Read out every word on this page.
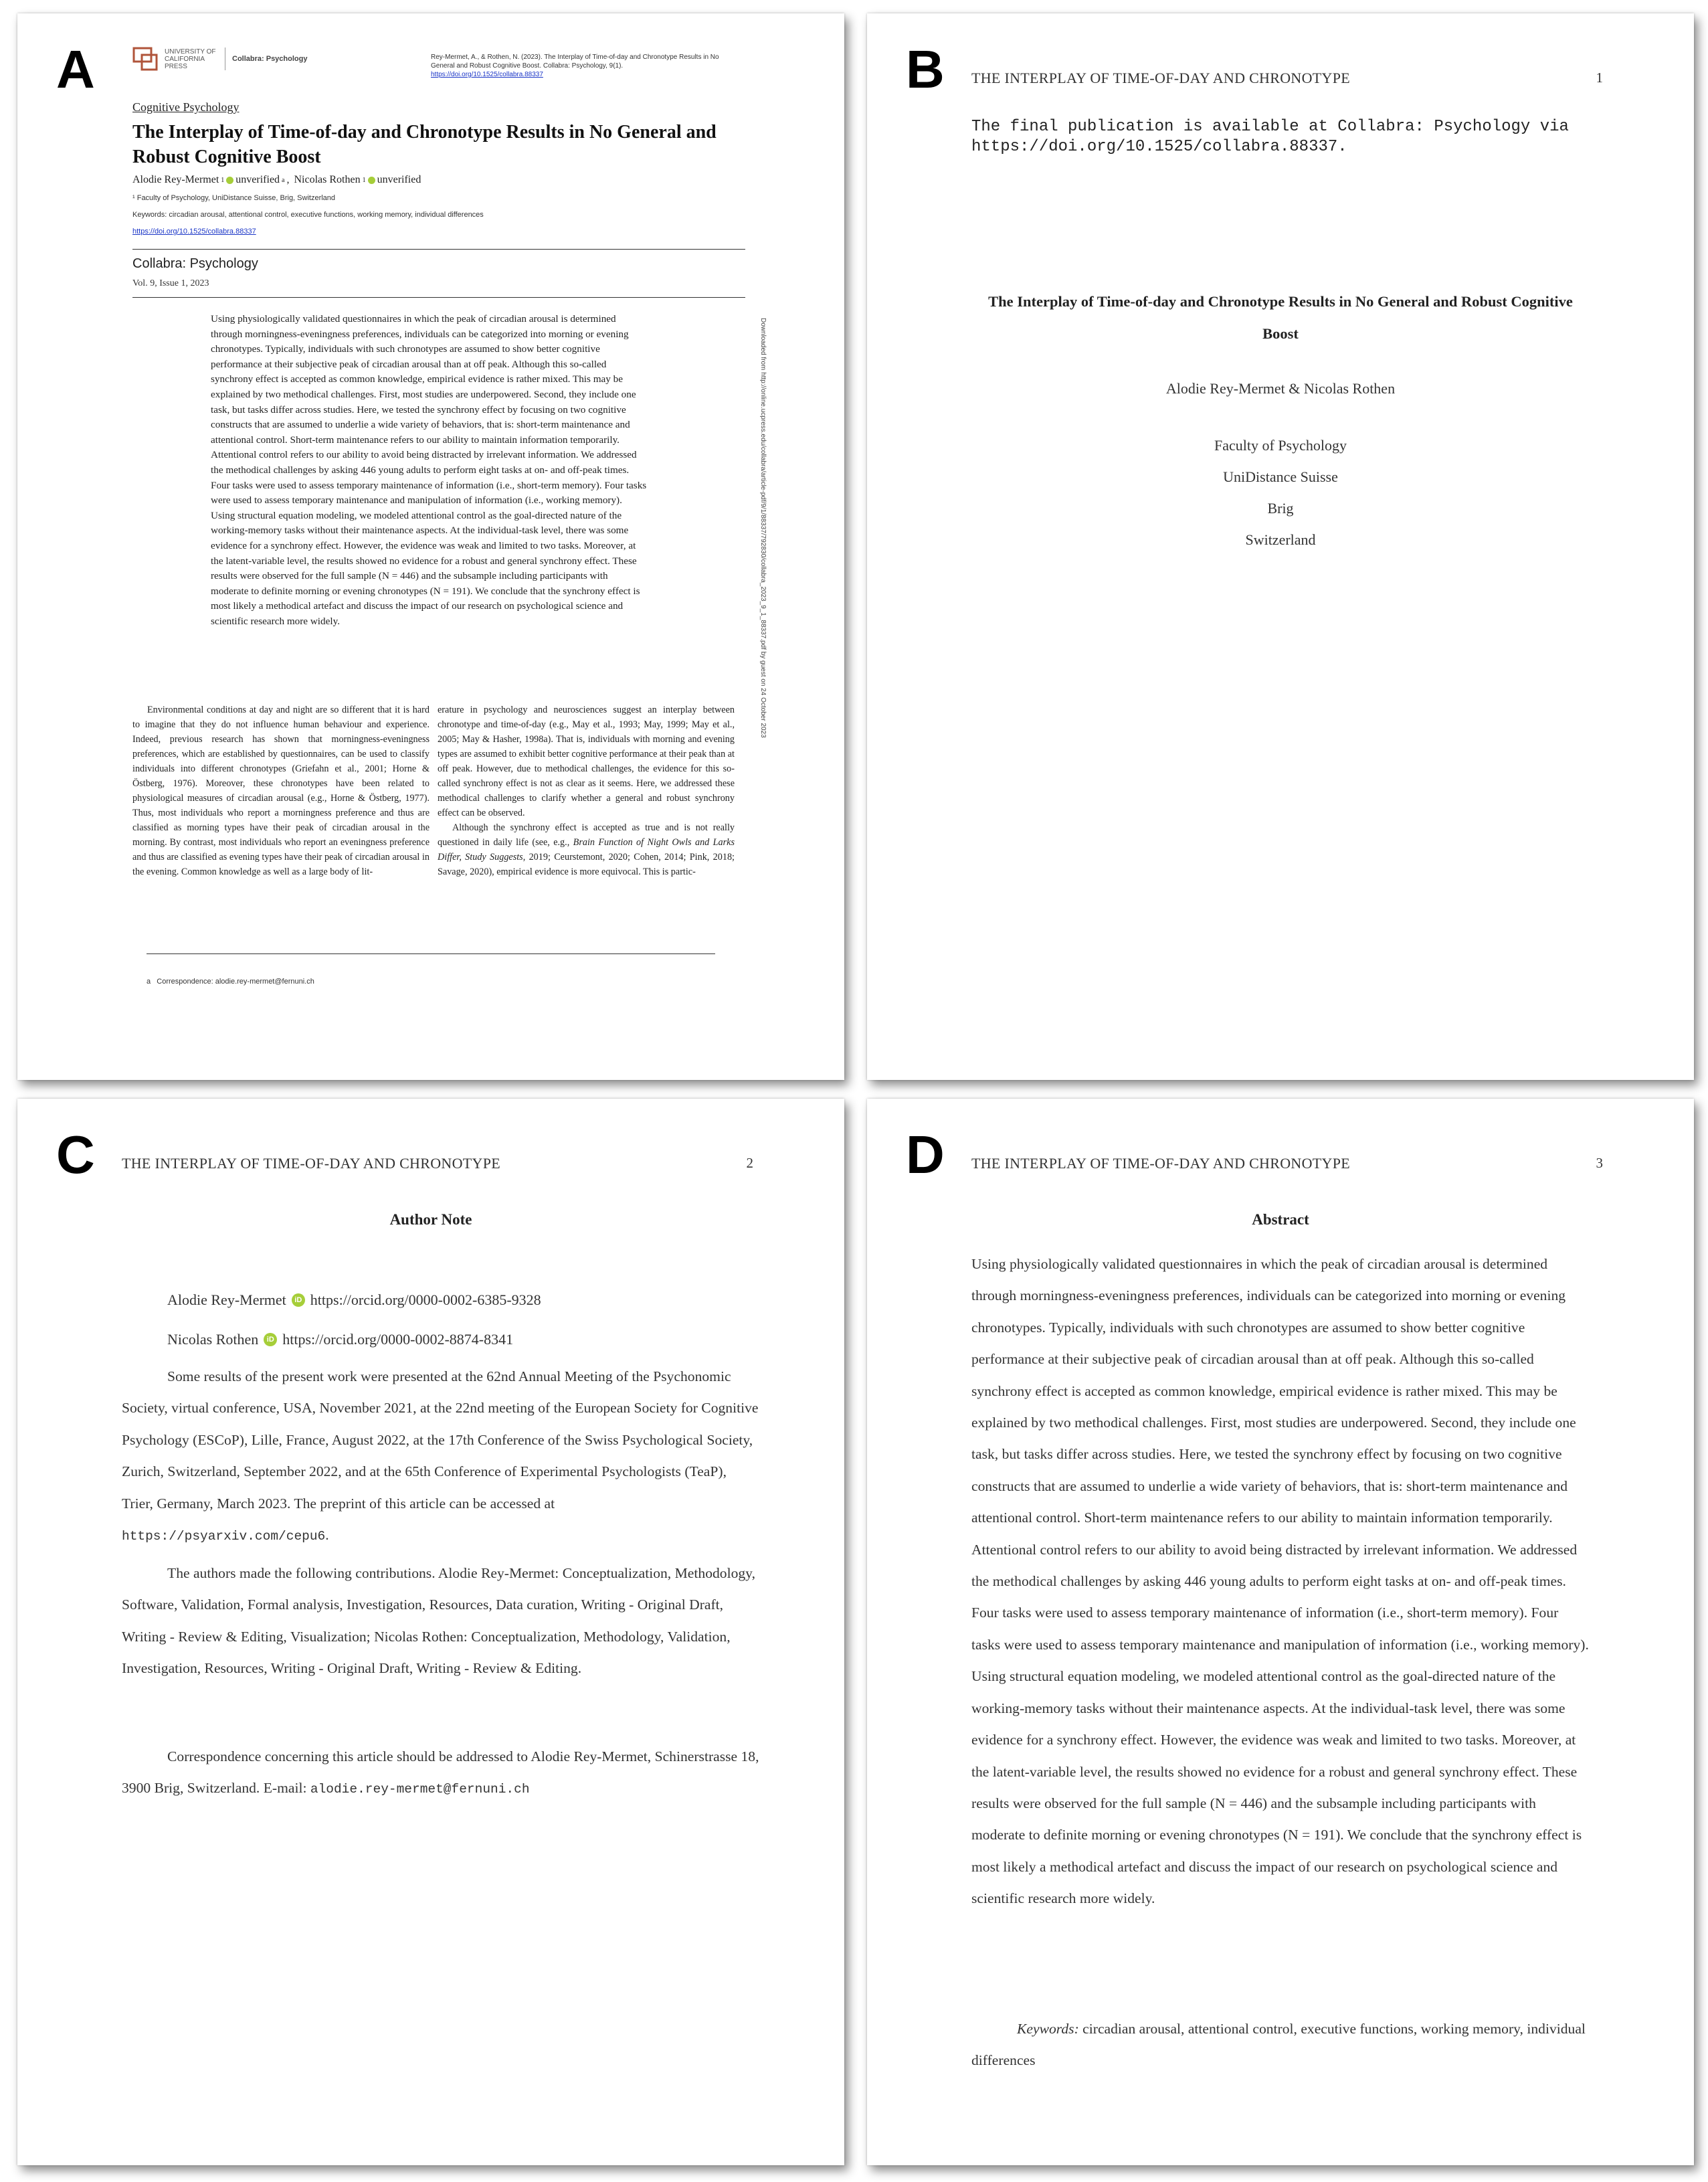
A	UNIVERSITY OF CALIFORNIA PRESS
Collabra: Psychology	Rey-Mermet, A., & Rothen, N. (2023). The Interplay of Time-of-day and Chronotype Results in No General and Robust Cognitive Boost. Collabra: Psychology, 9(1).
https://doi.org/10.1525/collabra.88337
Cognitive Psychology
The Interplay of Time-of-day and Chronotype Results in No General and Robust Cognitive Boost
Alodie Rey-Mermet 1 unverified a , Nicolas Rothen 1 unverified
¹ Faculty of Psychology, UniDistance Suisse, Brig, Switzerland
Keywords: circadian arousal, attentional control, executive functions, working memory, individual differences
https://doi.org/10.1525/collabra.88337
Collabra: Psychology
Vol. 9, Issue 1, 2023
Using physiologically validated questionnaires in which the peak of circadian arousal is determined through morningness-eveningness preferences, individuals can be categorized into morning or evening chronotypes. Typically, individuals with such chronotypes are assumed to show better cognitive performance at their subjective peak of circadian arousal than at off peak. Although this so-called synchrony effect is accepted as common knowledge, empirical evidence is rather mixed. This may be explained by two methodical challenges. First, most studies are underpowered. Second, they include one task, but tasks differ across studies. Here, we tested the synchrony effect by focusing on two cognitive constructs that are assumed to underlie a wide variety of behaviors, that is: short-term maintenance and attentional control. Short-term maintenance refers to our ability to maintain information temporarily. Attentional control refers to our ability to avoid being distracted by irrelevant information. We addressed the methodical challenges by asking 446 young adults to perform eight tasks at on- and off-peak times. Four tasks were used to assess temporary maintenance of information (i.e., short-term memory). Four tasks were used to assess temporary maintenance and manipulation of information (i.e., working memory). Using structural equation modeling, we modeled attentional control as the goal-directed nature of the working-memory tasks without their maintenance aspects. At the individual-task level, there was some evidence for a synchrony effect. However, the evidence was weak and limited to two tasks. Moreover, at the latent-variable level, the results showed no evidence for a robust and general synchrony effect. These results were observed for the full sample (N = 446) and the subsample including participants with moderate to definite morning or evening chronotypes (N = 191). We conclude that the synchrony effect is most likely a methodical artefact and discuss the impact of our research on psychological science and scientific research more widely.	Downloaded from http://online.ucpress.edu/collabra/article-pdf/9/1/88337/792830/collabra_2023_9_1_88337.pdf by guest on 24 October 2023

Environmental conditions at day and night are so different that it is hard to imagine that they do not influence human behaviour and experience. Indeed, previous research has shown that morningness-eveningness preferences, which are established by questionnaires, can be used to classify individuals into different chronotypes (Griefahn et al., 2001; Horne & Östberg, 1976). Moreover, these chronotypes have been related to physiological measures of circadian arousal (e.g., Horne & Östberg, 1977). Thus, most individuals who report a morningness preference and thus are classified as morning types have their peak of circadian arousal in the morning. By contrast, most individuals who report an eveningness preference and thus are classified as evening types have their peak of circadian arousal in the evening. Common knowledge as well as a large body of lit-

erature in psychology and neurosciences suggest an interplay between chronotype and time-of-day (e.g., May et al., 1993; May, 1999; May et al., 2005; May & Hasher, 1998a). That is, individuals with morning and evening types are assumed to exhibit better cognitive performance at their peak than at off peak. However, due to methodical challenges, the evidence for this so-called synchrony effect is not as clear as it seems. Here, we addressed these methodical challenges to clarify whether a general and robust synchrony effect can be observed.

Although the synchrony effect is accepted as true and is not really questioned in daily life (see, e.g., Brain Function of Night Owls and Larks Differ, Study Suggests, 2019; Ceurstemont, 2020; Cohen, 2014; Pink, 2018; Savage, 2020), empirical evidence is more equivocal. This is partic-

a   Correspondence: alodie.rey-mermet@fernuni.ch
B THE INTERPLAY OF TIME-OF-DAY AND CHRONOTYPE	1
The final publication is available at Collabra: Psychology via https://doi.org/10.1525/collabra.88337.
The Interplay of Time-of-day and Chronotype Results in No General and Robust Cognitive Boost
Alodie Rey-Mermet & Nicolas Rothen
Faculty of Psychology
UniDistance Suisse
Brig
Switzerland
C THE INTERPLAY OF TIME-OF-DAY AND CHRONOTYPE	2
Author Note
Alodie Rey-Mermet	iD https://orcid.org/0000-0002-6385-9328
Nicolas Rothen	iD https://orcid.org/0000-0002-8874-8341

Some results of the present work were presented at the 62nd Annual Meeting of the Psychonomic Society, virtual conference, USA, November 2021, at the 22nd meeting of the European Society for Cognitive Psychology (ESCoP), Lille, France, August 2022, at the 17th Conference of the Swiss Psychological Society, Zurich, Switzerland, September 2022, and at the 65th Conference of Experimental Psychologists (TeaP), Trier, Germany, March 2023. The preprint of this article can be accessed at https://psyarxiv.com/cepu6.

The authors made the following contributions. Alodie Rey-Mermet: Conceptualization, Methodology, Software, Validation, Formal analysis, Investigation, Resources, Data curation, Writing - Original Draft, Writing - Review & Editing, Visualization; Nicolas Rothen: Conceptualization, Methodology, Validation, Investigation, Resources, Writing - Original Draft, Writing - Review & Editing.

Correspondence concerning this article should be addressed to Alodie Rey-Mermet, Schinerstrasse 18, 3900 Brig, Switzerland. E-mail: alodie.rey-mermet@fernuni.ch

D THE INTERPLAY OF TIME-OF-DAY AND CHRONOTYPE	3
Abstract

Using physiologically validated questionnaires in which the peak of circadian arousal is determined through morningness-eveningness preferences, individuals can be categorized into morning or evening chronotypes. Typically, individuals with such chronotypes are assumed to show better cognitive performance at their subjective peak of circadian arousal than at off peak. Although this so-called synchrony effect is accepted as common knowledge, empirical evidence is rather mixed. This may be explained by two methodical challenges. First, most studies are underpowered. Second, they include one task, but tasks differ across studies. Here, we tested the synchrony effect by focusing on two cognitive constructs that are assumed to underlie a wide variety of behaviors, that is: short-term maintenance and attentional control. Short-term maintenance refers to our ability to maintain information temporarily. Attentional control refers to our ability to avoid being distracted by irrelevant information. We addressed the methodical challenges by asking 446 young adults to perform eight tasks at on- and off-peak times. Four tasks were used to assess temporary maintenance of information (i.e., short-term memory). Four tasks were used to assess temporary maintenance and manipulation of information (i.e., working memory). Using structural equation modeling, we modeled attentional control as the goal-directed nature of the working-memory tasks without their maintenance aspects. At the individual-task level, there was some evidence for a synchrony effect. However, the evidence was weak and limited to two tasks. Moreover, at the latent-variable level, the results showed no evidence for a robust and general synchrony effect. These results were observed for the full sample (N = 446) and the subsample including participants with moderate to definite morning or evening chronotypes (N = 191). We conclude that the synchrony effect is most likely a methodical artefact and discuss the impact of our research on psychological science and scientific research more widely.

Keywords: circadian arousal, attentional control, executive functions, working memory, individual differences
